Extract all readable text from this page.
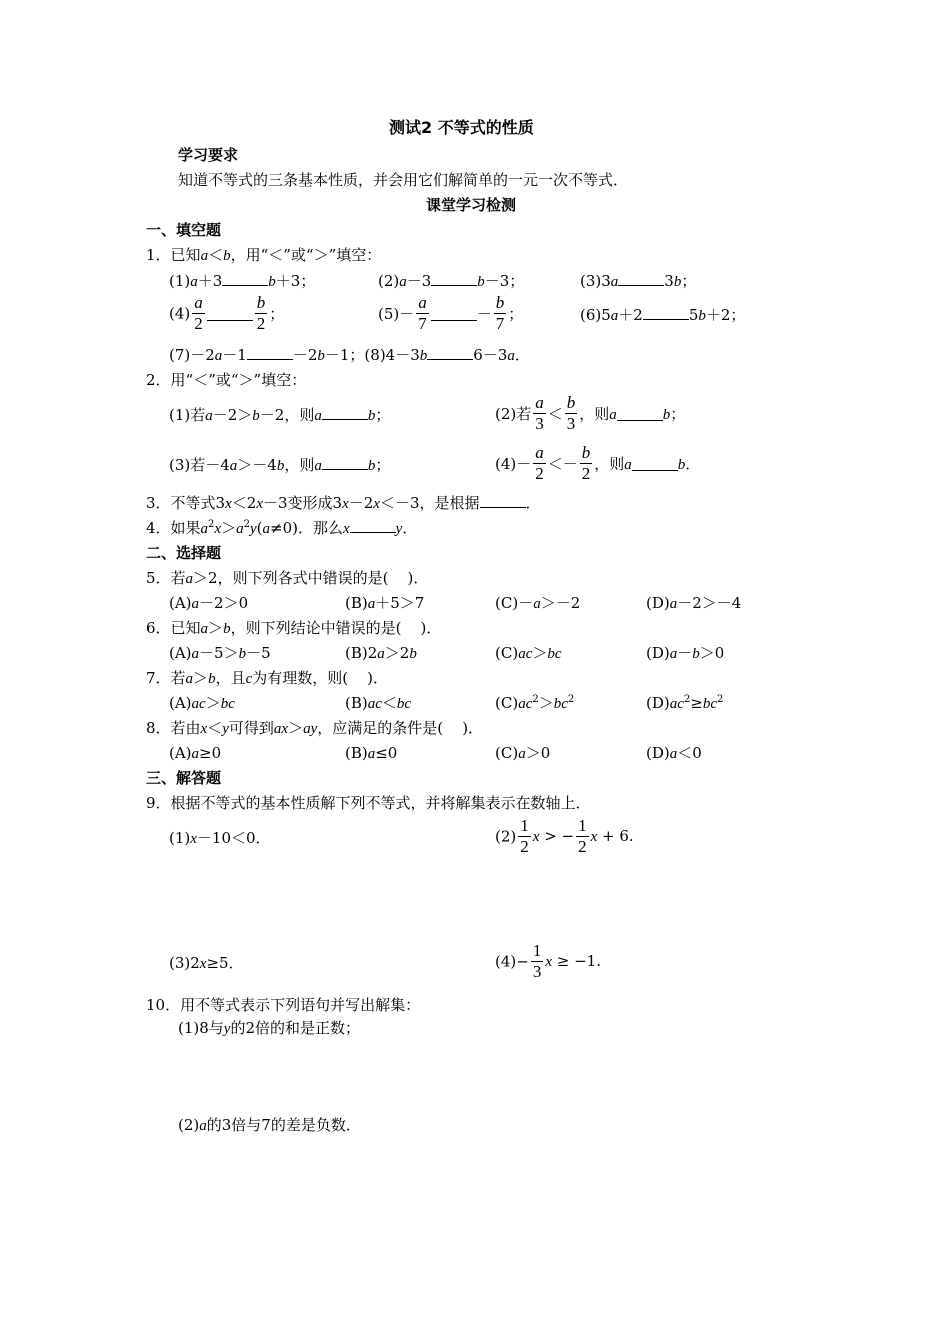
测试2 不等式的性质
学习要求
知道不等式的三条基本性质，并会用它们解简单的一元一次不等式．
课堂学习检测
一、填空题
1．已知a＜b，用“＜”或“＞”填空：
(1)a＋3	b＋3；	(2)a－3	b－3；	(3)3a	3b；
$(4) \frac{a}{2}$	$\frac{b}{2}$ ；	$(5)- \frac{a}{7}$	－ $\frac{b}{7}$ ；	(6)5a＋2	5b＋2；
(7)－2a－1	－2b－1；(8)4－3b	6－3a．
2．用“＜”或“＞”填空：
(1)若a－2＞b－2，则a	b；	(2)若 $\frac{a}{3} < \frac{b}{3}$ ，则a	b；
(3)若－4a＞－4b，则a	b；	$(4)- \frac{a}{2} <- \frac{b}{2}$ ，则a	b．
3．不等式3x＜2x－3变形成3x－2x＜－3，是根据	．
4．如果$a^2x>a^2y(a\ne 0)$．那么x	y．
二、选择题
5．若a＞2，则下列各式中错误的是(    )．
(A)a－2＞0	(B)a＋5＞7	(C)－a＞－2	(D)a－2＞－4
6．已知a＞b，则下列结论中错误的是(    )．
(A)a－5＞b－5	(B)2a＞2b	(C)ac＞bc	(D)a－b＞0
7．若a＞b，且c为有理数，则(    )．
(A)ac＞bc	(B)ac＜bc	$(C)ac^2>bc^2$	$(D)ac^2\ge bc^2$
8．若由x＜y可得到ax＞ay，应满足的条件是(    )．
(A)a≥0	(B)a≤0	(C)a＞0	(D)a＜0
三、解答题
9．根据不等式的基本性质解下列不等式，并将解集表示在数轴上．
(1)x－10＜0．	$(2) \frac{1}{2}$ x > − $\frac{1}{2}$ x + 6.
(3)2x≥5．	$(4)- \frac{1}{3}$ x ≥ −1.
10．用不等式表示下列语句并写出解集：
(1)8与y的2倍的和是正数；
(2)a的3倍与7的差是负数．
